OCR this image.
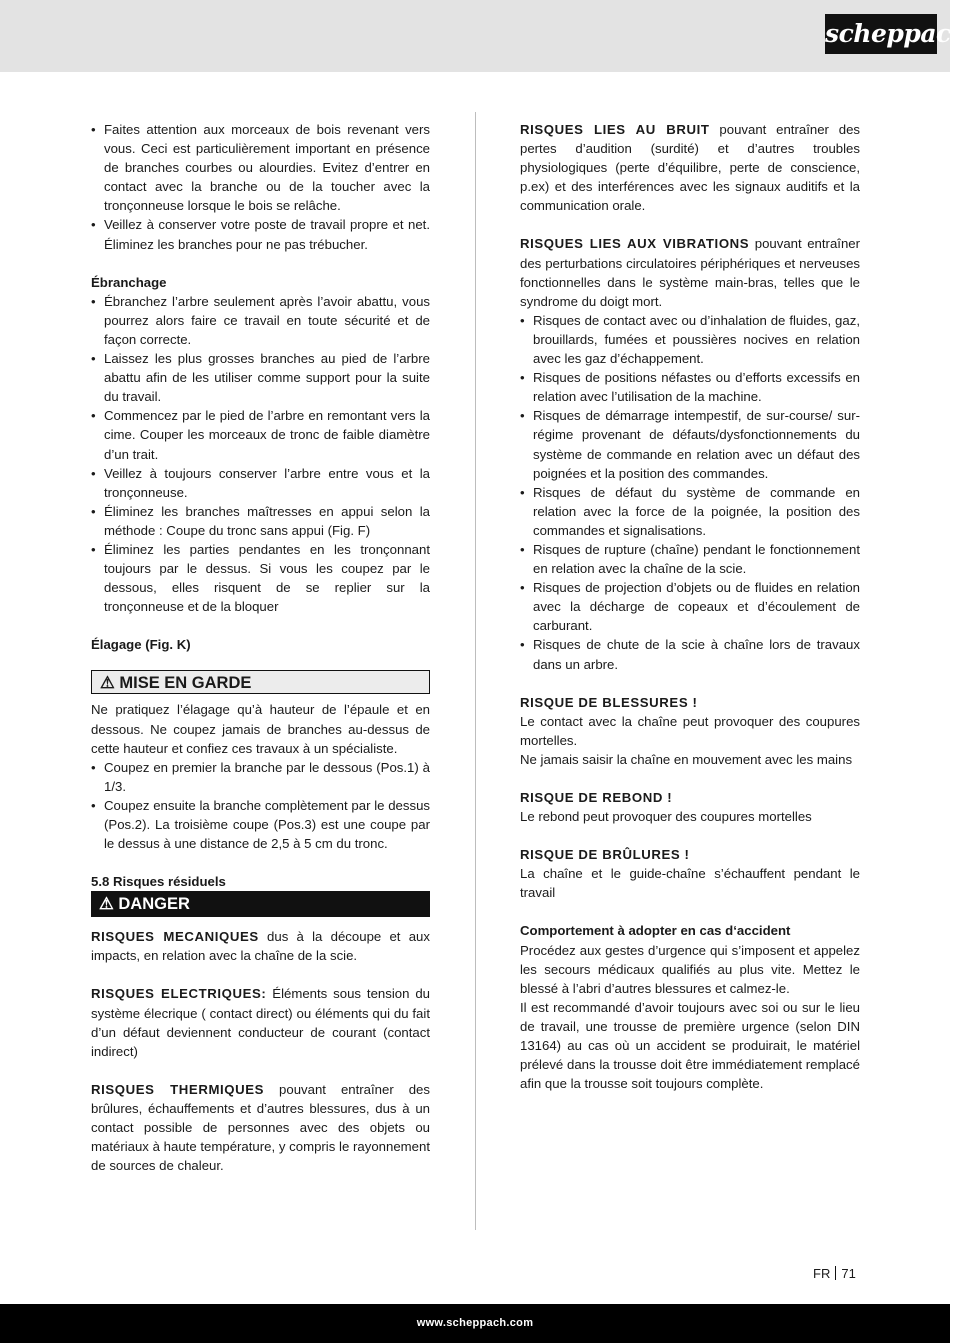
scheppach
• Faites attention aux morceaux de bois revenant vers vous. Ceci est particulièrement important en présence de branches courbes ou alourdies. Evitez d’entrer en contact avec la branche ou de la toucher avec la tronçonneuse lorsque le bois se relâche.
• Veillez à conserver votre poste de travail propre et net. Éliminez les branches pour ne pas trébucher.

Ébranchage

• Ébranchez l’arbre seulement après l’avoir abattu, vous pourrez alors faire ce travail en toute sécurité et de façon correcte.
• Laissez les plus grosses branches au pied de l’arbre abattu afin de les utiliser comme support pour la suite du travail.
• Commencez par le pied de l’arbre en remontant vers la cime. Couper les morceaux de tronc de faible diamètre d’un trait.
• Veillez à toujours conserver l’arbre entre vous et la tronçonneuse.
• Éliminez les branches maîtresses en appui selon la méthode : Coupe du tronc sans appui (Fig. F)
• Éliminez les parties pendantes en les tronçonnant toujours par le dessus. Si vous les coupez par le dessous, elles risquent de se replier sur la tronçonneuse et de la bloquer

Élagage (Fig. K)

⚠ MISE EN GARDE

Ne pratiquez l’élagage qu’à hauteur de l’épaule et en dessous. Ne coupez jamais de branches au-dessus de cette hauteur et confiez ces travaux à un spécialiste.

• Coupez en premier la branche par le dessous (Pos.1) à 1/3.
• Coupez ensuite la branche complètement par le dessus (Pos.2). La troisième coupe (Pos.3) est une coupe par le dessus à une distance de 2,5 à 5 cm du tronc.

5.8 Risques résiduels

⚠ DANGER

RISQUES MECANIQUES dus à la découpe et aux impacts, en relation avec la chaîne de la scie.

RISQUES ELECTRIQUES: Éléments sous tension du système élecrique ( contact direct) ou éléments qui du fait d’un défaut deviennent conducteur de courant (contact indirect)

RISQUES THERMIQUES pouvant entraîner des brûlures, échauffements et d’autres blessures, dus à un contact possible de personnes avec des objets ou matériaux à haute température, y compris le rayonnement de sources de chaleur.

RISQUES LIES AU BRUIT pouvant entraîner des pertes d’audition (surdité) et d’autres troubles physiologiques (perte d’équilibre, perte de conscience, p.ex) et des interférences avec les signaux auditifs et la communication orale.

RISQUES LIES AUX VIBRATIONS pouvant entraîner des perturbations circulatoires périphériques et nerveuses fonctionnelles dans le système main-bras, telles que le syndrome du doigt mort.

• Risques de contact avec ou d’inhalation de fluides, gaz, brouillards, fumées et poussières nocives en relation avec les gaz d’échappement.
• Risques de positions néfastes ou d’efforts excessifs en relation avec l’utilisation de la machine.
• Risques de démarrage intempestif, de sur-course/ sur-régime provenant de défauts/dysfonctionnements du système de commande en relation avec un défaut des poignées et la position des commandes.
• Risques de défaut du système de commande en relation avec la force de la poignée, la position des commandes et signalisations.
• Risques de rupture (chaîne) pendant le fonctionnement en relation avec la chaîne de la scie.
• Risques de projection d’objets ou de fluides en relation avec la décharge de copeaux et d’écoulement de carburant.
• Risques de chute de la scie à chaîne lors de travaux dans un arbre.

RISQUE DE BLESSURES !

Le contact avec la chaîne peut provoquer des coupures mortelles.

Ne jamais saisir la chaîne en mouvement avec les mains

RISQUE DE REBOND !

Le rebond peut provoquer des coupures mortelles

RISQUE DE BRÛLURES !

La chaîne et le guide-chaîne s’échauffent pendant le travail

Comportement à adopter en cas d‘accident

Procédez aux gestes d’urgence qui s’imposent et appelez les secours médicaux qualifiés au plus vite. Mettez le blessé à l’abri d’autres blessures et calmez-le.

Il est recommandé d’avoir toujours avec soi ou sur le lieu de travail, une trousse de première urgence (selon DIN 13164) au cas où un accident se produirait, le matériel prélevé dans la trousse doit être immédiatement remplacé afin que la trousse soit toujours complète.

FR 71
www.scheppach.com
